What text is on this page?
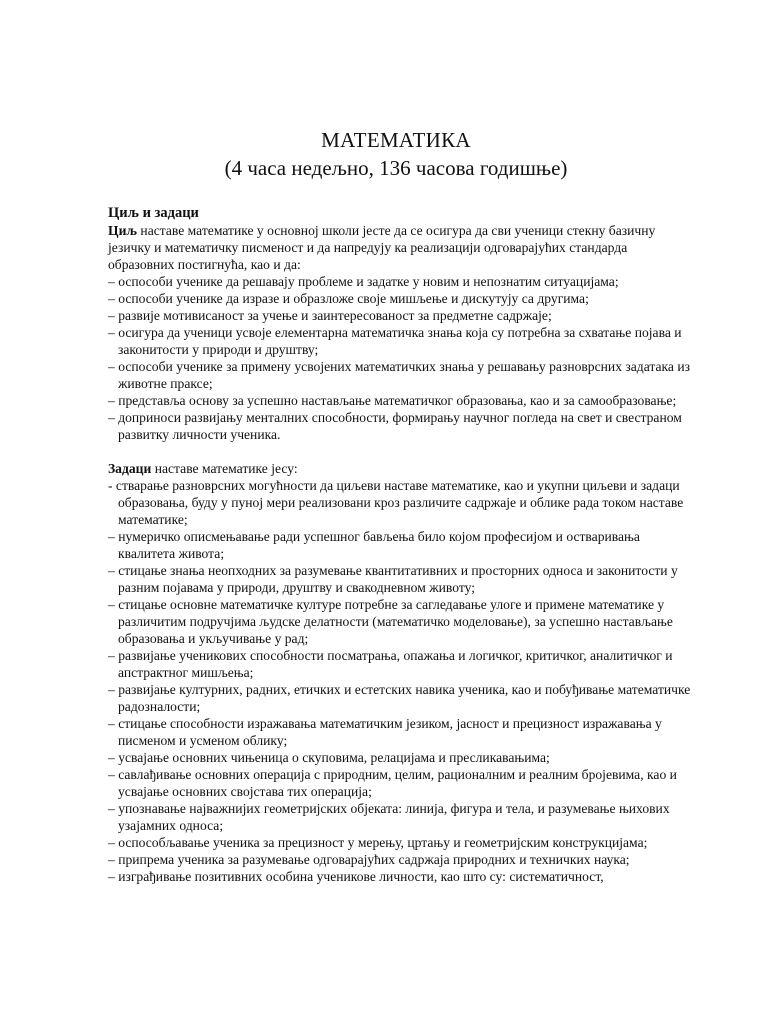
МАТЕМАТИКА
(4 часа недељно, 136 часова годишње)
Циљ и задаци

Циљ наставе математике у основној школи јесте да се осигура да сви ученици стекну базичну језичку и математичку писменост и да напредују ка реализацији одговарајућих стандарда образовних постигнућа, као и да:

– оспособи ученике да решавају проблеме и задатке у новим и непознатим ситуацијама;
– оспособи ученике да изразе и образложе своје мишљење и дискутују са другима;
– развије мотивисаност за учење и заинтересованост за предметне садржаје;
– осигура да ученици усвоје елементарна математичка знања која су потребна за схватање појава и законитости у природи и друштву;
– оспособи ученике за примену усвојених математичких знања у решавању разноврсних задатака из животне праксе;
– представља основу за успешно настављање математичког образовања, као и за самообразовање;
– доприноси развијању менталних способности, формирању научног погледа на свет и свестраном развитку личности ученика.

Задаци наставе математике јесу:

- стварање разноврсних могућности да циљеви наставе математике, као и укупни циљеви и задаци образовања, буду у пуној мери реализовани кроз различите садржаје и облике рада током наставе математике;
– нумеричко описмењавање ради успешног бављења било којом професијом и остваривања квалитета живота;
– стицање знања неопходних за разумевање квантитативних и просторних односа и законитости у разним појавама у природи, друштву и свакодневном животу;
– стицање основне математичке културе потребне за сагледавање улоге и примене математике у различитим подручјима људске делатности (математичко моделовање), за успешно настављање образовања и укључивање у рад;
– развијање ученикових способности посматрања, опажања и логичког, критичког, аналитичког и апстрактног мишљења;
– развијање културних, радних, етичких и естетских навика ученика, као и побуђивање математичке радозналости;
– стицање способности изражавања математичким језиком, јасност и прецизност изражавања у писменом и усменом облику;
– усвајање основних чињеница о скуповима, релацијама и пресликавањима;
– савлађивање основних операција с природним, целим, рационалним и реалним бројевима, као и усвајање основних својстава тих операција;
– упознавање најважнијих геометријских објеката: линија, фигура и тела, и разумевање њихових узајамних односа;
– оспособљавање ученика за прецизност у мерењу, цртању и геометријским конструкцијама;
– припрема ученика за разумевање одговарајућих садржаја природних и техничких наука;
– изграђивање позитивних особина ученикове личности, као што су: систематичност,
